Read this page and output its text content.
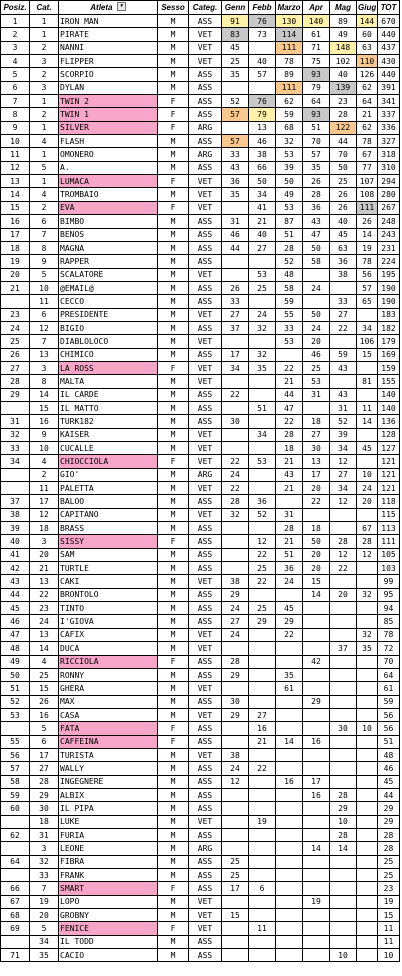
Posiz.	Cat.	Atleta ▾	Sesso	Categ.	Genn	Febb	Marzo	Apr	Mag	Giug	TOT
1	1	IRON MAN	M	ASS	91	76	130	140	89	144	670
2	1	PIRATE	M	VET	83	73	114	61	49	60	440
3	2	NANNI	M	VET	45		111	71	148	63	437
4	3	FLIPPER	M	VET	25	40	78	75	102	110	430
5	2	SCORPIO	M	ASS	35	57	89	93	40	126	440
6	3	DYLAN	M	ASS			111	79	139	62	391
7	1	TWIN 2	F	ASS	52	76	62	64	23	64	341
8	2	TWIN 1	F	ASS	57	79	59	93	28	21	337
9	1	SILVER	F	ARG		13	68	51	122	62	336
10	4	FLASH	M	ASS	57	46	32	70	44	78	327
11	1	OMONERO	M	ARG	33	38	53	57	70	67	318
12	5	A.	M	ASS	43	66	39	35	50	77	310
13	1	LUMACA	F	VET	36	50	50	26	25	107	294
14	4	TROMBAIO	M	VET	35	34	49	28	26	108	280
15	2	EVA	F	VET		41	53	36	26	111	267
16	6	BIMBO	M	ASS	31	21	87	43	40	26	248
17	7	BENOS	M	ASS	46	40	51	47	45	14	243
18	8	MAGNA	M	ASS	44	27	28	50	63	19	231
19	9	RAPPER	M	ASS			52	58	36	78	224
20	5	SCALATORE	M	VET		53	48		38	56	195
21	10	@EMAIL@	M	ASS	26	25	58	24		57	190
	11	CECCO	M	ASS	33		59		33	65	190
23	6	PRESIDENTE	M	VET	27	24	55	50	27		183
24	12	BIGIO	M	ASS	37	32	33	24	22	34	182
25	7	DIABLOLOCO	M	VET			53	20		106	179
26	13	CHIMICO	M	ASS	17	32		46	59	15	169
27	3	LA ROSS	F	VET	34	35	22	25	43		159
28	8	MALTA	M	VET			21	53		81	155
29	14	IL CARDE	M	ASS	22		44	31	43		140
	15	IL MATTO	M	ASS		51	47		31	11	140
31	16	TURK182	M	ASS	30		22	18	52	14	136
32	9	KAISER	M	VET		34	28	27	39		128
33	10	CUCALLE	M	VET			18	30	34	45	127
34	4	CHIOCCIOLA	F	VET	22	53	21	13	12		121
	2	GIO'	M	ARG	24		43	17	27	10	121
	11	PALETTA	M	VET	22		21	20	34	24	121
37	17	BALOO	M	ASS	28	36		22	12	20	118
38	12	CAPITANO	M	VET	32	52	31				115
39	18	BRASS	M	ASS			28	18		67	113
40	3	SISSY	F	ASS		12	21	50	28	28	111
41	20	SAM	M	ASS		22	51	20	12	12	105
42	21	TURTLE	M	ASS		25	36	20	22		103
43	13	CAKI	M	VET	38	22	24	15			99
44	22	BRONTOLO	M	ASS	29			14	20	32	95
45	23	TINTO	M	ASS	24	25	45				94
46	24	I'GIOVA	M	ASS	27	29	29				85
47	13	CAFIX	M	VET	24		22			32	78
48	14	DUCA	M	VET					37	35	72
49	4	RICCIOLA	F	ASS	28			42			70
50	25	RONNY	M	ASS	29		35				64
51	15	GHERA	M	VET			61				61
52	26	MAX	M	ASS	30			29			59
53	16	CASA	M	VET	29	27					56
	5	FATA	F	ASS		16			30	10	56
55	6	CAFFEINA	F	ASS		21	14	16			51
56	17	TURISTA	M	VET	38						48
57	27	WALLY	M	ASS	24	22					46
58	28	INGEGNERE	M	ASS	12		16	17			45
59	29	ALBIX	M	ASS				16	28		44
60	30	IL PIPA	M	ASS					29		29
	18	LUKE	M	VET		19			10		29
62	31	FURIA	M	ASS					28		28
	3	LEONE	M	ARG				14	14		28
64	32	FIBRA	M	ASS	25						25
	33	FRANK	M	ASS	25						25
66	7	SMART	F	ASS	17	6					23
67	19	LOPO	M	VET				19			19
68	20	GROBNY	M	VET	15						15
69	5	FENICE	F	VET		11					11
	34	IL TODD	M	ASS							11
71	35	CACIO	M	ASS					10		10
